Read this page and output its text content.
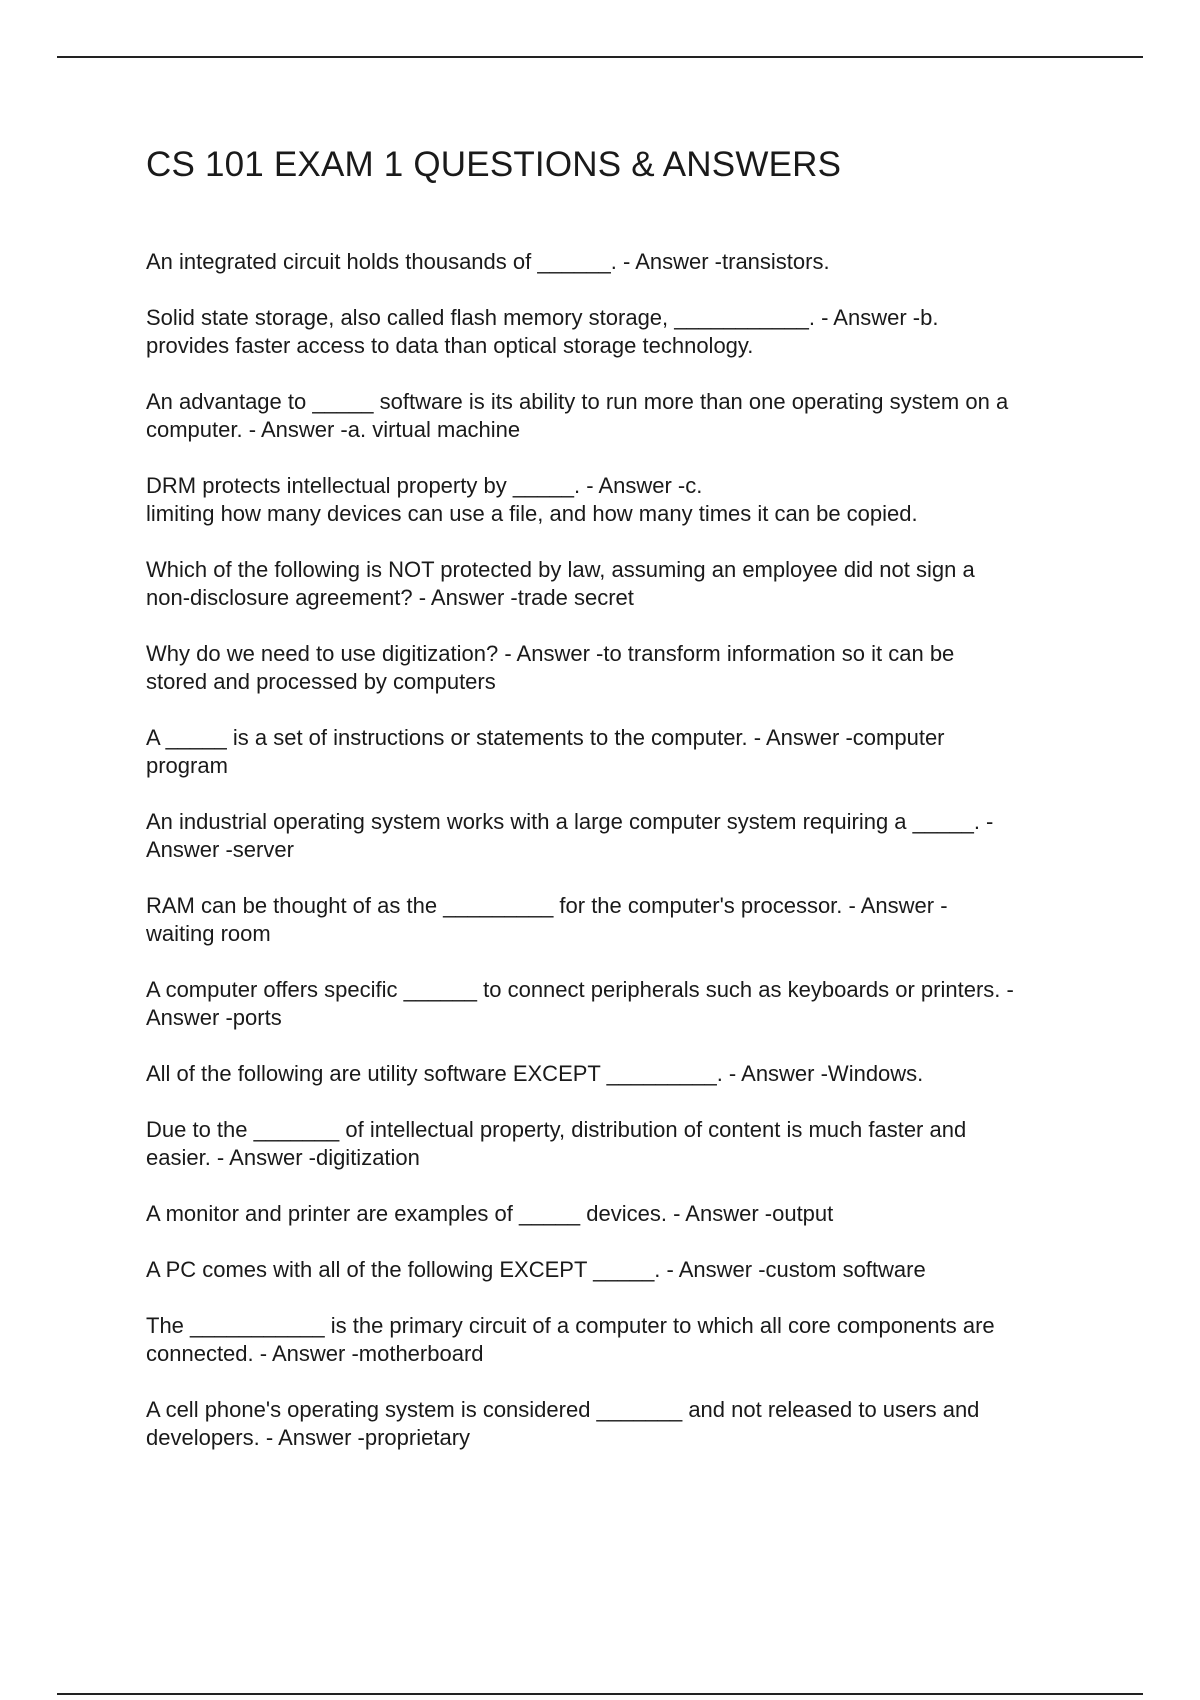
CS 101 EXAM 1 QUESTIONS & ANSWERS

An integrated circuit holds thousands of ______. - Answer -transistors.

Solid state storage, also called flash memory storage, ___________. - Answer -b.
provides faster access to data than optical storage technology.

An advantage to _____ software is its ability to run more than one operating system on a
computer. - Answer -a. virtual machine

DRM protects intellectual property by _____. - Answer -c.
limiting how many devices can use a file, and how many times it can be copied.

Which of the following is NOT protected by law, assuming an employee did not sign a
non-disclosure agreement? - Answer -trade secret

Why do we need to use digitization? - Answer -to transform information so it can be
stored and processed by computers

A _____ is a set of instructions or statements to the computer. - Answer -computer
program

An industrial operating system works with a large computer system requiring a _____. -
Answer -server

RAM can be thought of as the _________ for the computer's processor. - Answer -
waiting room

A computer offers specific ______ to connect peripherals such as keyboards or printers. -
Answer -ports

All of the following are utility software EXCEPT _________. - Answer -Windows.

Due to the _______ of intellectual property, distribution of content is much faster and
easier. - Answer -digitization

A monitor and printer are examples of _____ devices. - Answer -output

A PC comes with all of the following EXCEPT _____. - Answer -custom software

The ___________ is the primary circuit of a computer to which all core components are
connected. - Answer -motherboard

A cell phone's operating system is considered _______ and not released to users and
developers. - Answer -proprietary
